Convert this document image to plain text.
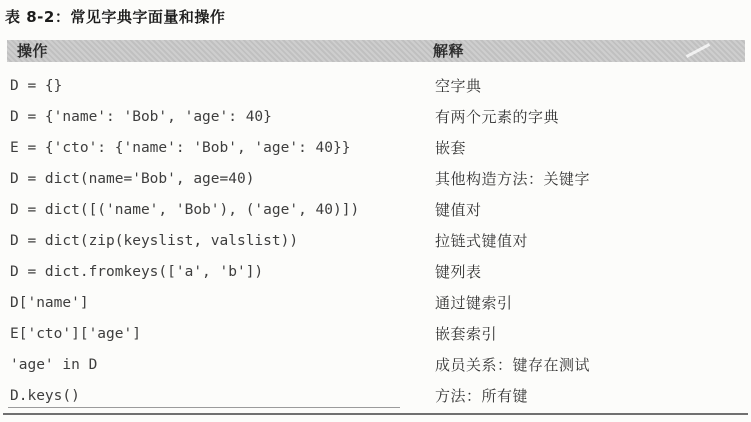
表 8-2：常见字典字面量和操作
操作	解释
D = {}	空字典
D = {'name': 'Bob', 'age': 40}	有两个元素的字典
E = {'cto': {'name': 'Bob', 'age': 40}}	嵌套
D = dict(name='Bob', age=40)	其他构造方法：关键字
D = dict([('name', 'Bob'), ('age', 40)])	键值对
D = dict(zip(keyslist, valslist))	拉链式键值对
D = dict.fromkeys(['a', 'b'])	键列表
D['name']	通过键索引
E['cto']['age']	嵌套索引
'age' in D	成员关系：键存在测试
D.keys()	方法：所有键
